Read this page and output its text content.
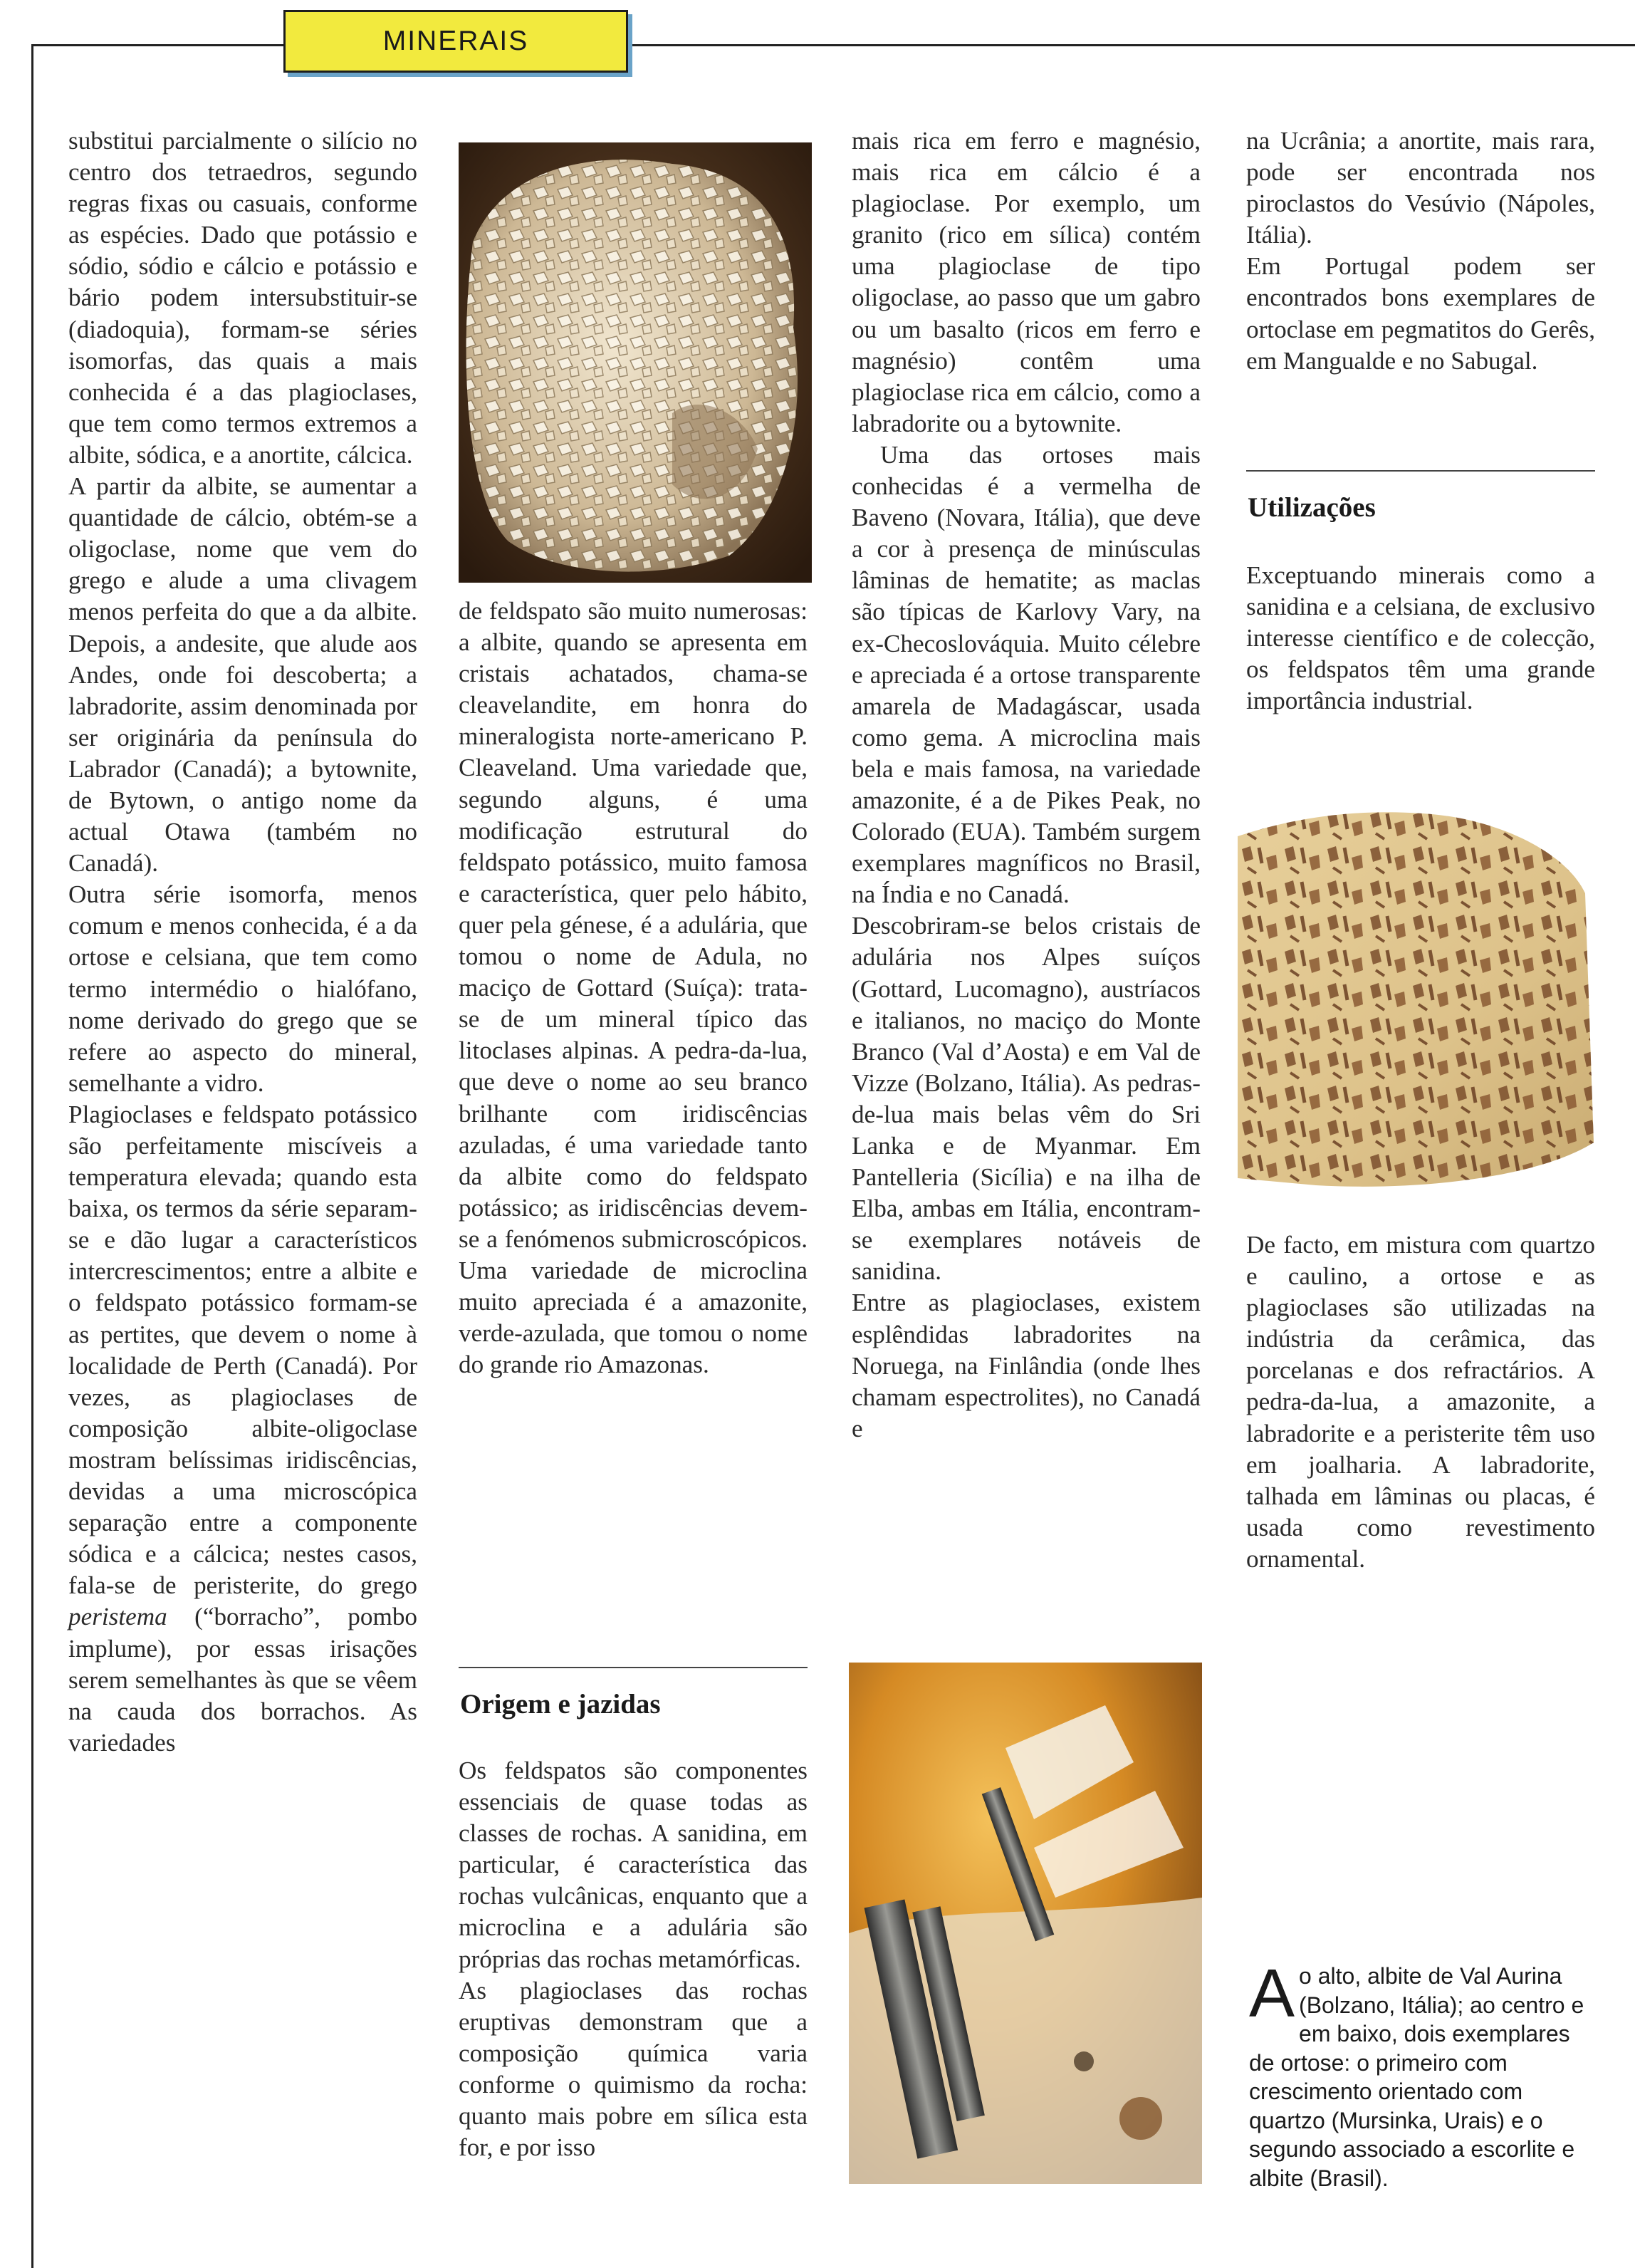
MINERAIS

substitui parcialmente o silício no centro dos tetraedros, segundo regras fixas ou casuais, conforme as espécies. Dado que potássio e sódio, sódio e cálcio e potássio e bário podem intersubstituir-se (diadoquia), formam-se séries isomorfas, das quais a mais conhecida é a das plagioclases, que tem como termos extremos a albite, sódica, e a anortite, cálcica.

A partir da albite, se aumentar a quantidade de cálcio, obtém-se a oligoclase, nome que vem do grego e alude a uma clivagem menos perfeita do que a da albite. Depois, a andesite, que alude aos Andes, onde foi descoberta; a labradorite, assim denominada por ser originária da península do Labrador (Canadá); a bytownite, de Bytown, o antigo nome da actual Otawa (também no Canadá).

Outra série isomorfa, menos comum e menos conhecida, é a da ortose e celsiana, que tem como termo intermédio o hialófano, nome derivado do grego que se refere ao aspecto do mineral, semelhante a vidro.

Plagioclases e feldspato potássico são perfeitamente miscíveis a temperatura elevada; quando esta baixa, os termos da série separam-se e dão lugar a característicos intercrescimentos; entre a albite e o feldspato potássico formam-se as pertites, que devem o nome à localidade de Perth (Canadá). Por vezes, as plagioclases de composição albite-oligoclase mostram belíssimas iridiscências, devidas a uma microscópica separação entre a componente sódica e a cálcica; nestes casos, fala-se de peristerite, do grego peristema (“borracho”, pombo implume), por essas irisações serem semelhantes às que se vêem na cauda dos borrachos. As variedades

de feldspato são muito numerosas: a albite, quando se apresenta em cristais achatados, chama-se cleavelandite, em honra do mineralogista norte-americano P. Cleaveland. Uma variedade que, segundo alguns, é uma modificação estrutural do feldspato potássico, muito famosa e característica, quer pelo hábito, quer pela génese, é a adulária, que tomou o nome de Adula, no maciço de Gottard (Suíça): trata-se de um mineral típico das litoclases alpinas. A pedra-da-lua, que deve o nome ao seu branco brilhante com iridiscências azuladas, é uma variedade tanto da albite como do feldspato potássico; as iridiscências devem-se a fenómenos submicroscópicos. Uma variedade de microclina muito apreciada é a amazonite, verde-azulada, que tomou o nome do grande rio Amazonas.

Origem e jazidas

Os feldspatos são componentes essenciais de quase todas as classes de rochas. A sanidina, em particular, é característica das rochas vulcânicas, enquanto que a microclina e a adulária são próprias das rochas metamórficas.

As plagioclases das rochas eruptivas demonstram que a composição química varia conforme o quimismo da rocha: quanto mais pobre em sílica esta for, e por isso

mais rica em ferro e magnésio, mais rica em cálcio é a plagioclase. Por exemplo, um granito (rico em sílica) contém uma plagioclase de tipo oligoclase, ao passo que um gabro ou um basalto (ricos em ferro e magnésio) contêm uma plagioclase rica em cálcio, como a labradorite ou a bytownite.

Uma das ortoses mais conhecidas é a vermelha de Baveno (Novara, Itália), que deve a cor à presença de minúsculas lâminas de hematite; as maclas são típicas de Karlovy Vary, na ex-Checoslováquia. Muito célebre e apreciada é a ortose transparente amarela de Madagáscar, usada como gema. A microclina mais bela e mais famosa, na variedade amazonite, é a de Pikes Peak, no Colorado (EUA). Também surgem exemplares magníficos no Brasil, na Índia e no Canadá.

Descobriram-se belos cristais de adulária nos Alpes suíços (Gottard, Lucomagno), austríacos e italianos, no maciço do Monte Branco (Val d’Aosta) e em Val de Vizze (Bolzano, Itália). As pedras-de-lua mais belas vêm do Sri Lanka e de Myanmar. Em Pantelleria (Sicília) e na ilha de Elba, ambas em Itália, encontram-se exemplares notáveis de sanidina.

Entre as plagioclases, existem esplêndidas labradorites na Noruega, na Finlândia (onde lhes chamam espectrolites), no Canadá e

na Ucrânia; a anortite, mais rara, pode ser encontrada nos piroclastos do Vesúvio (Nápoles, Itália).

Em Portugal podem ser encontrados bons exemplares de ortoclase em pegmatitos do Gerês, em Mangualde e no Sabugal.

Utilizações

Exceptuando minerais como a sanidina e a celsiana, de exclusivo interesse científico e de colecção, os feldspatos têm uma grande importância industrial.

De facto, em mistura com quartzo e caulino, a ortose e as plagioclases são utilizadas na indústria da cerâmica, das porcelanas e dos refractários. A pedra-da-lua, a amazonite, a labradorite e a peristerite têm uso em joalharia. A labradorite, talhada em lâminas ou placas, é usada como revestimento ornamental.

Ao alto, albite de Val Aurina (Bolzano, Itália); ao centro e em baixo, dois exemplares de ortose: o primeiro com crescimento orientado com quartzo (Mursinka, Urais) e o segundo associado a escorlite e albite (Brasil).
